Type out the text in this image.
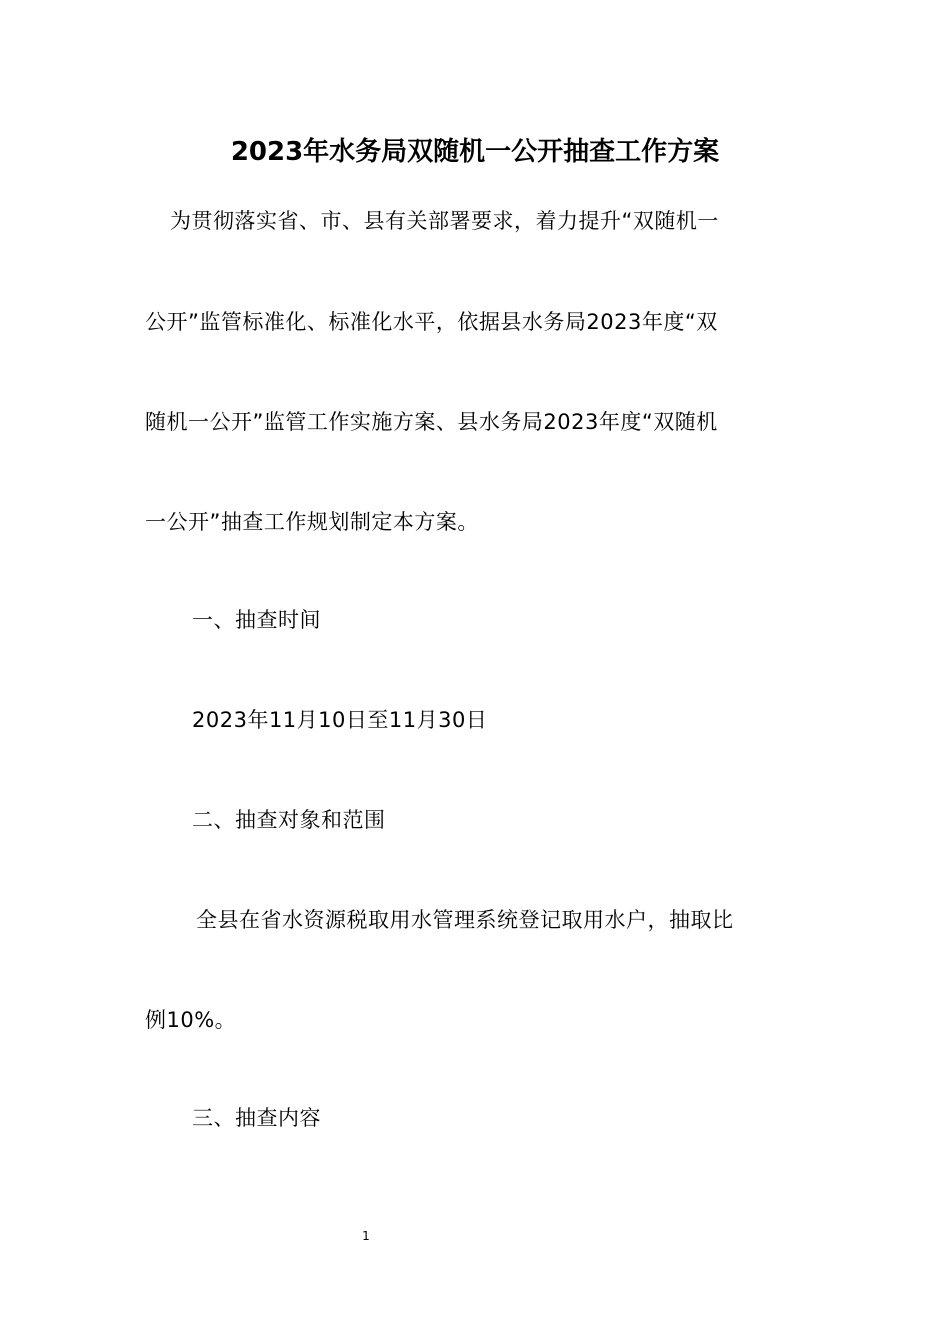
2023年水务局双随机一公开抽查工作方案
为贯彻落实省、市、县有关部署要求，着力提升“双随机一
公开”监管标准化、标准化水平，依据县水务局2023年度“双
随机一公开”监管工作实施方案、县水务局2023年度“双随机
一公开”抽查工作规划制定本方案。
一、抽查时间
2023年11月10日至11月30日
二、抽查对象和范围
全县在省水资源税取用水管理系统登记取用水户，抽取比
例10%。
三、抽查内容
1
